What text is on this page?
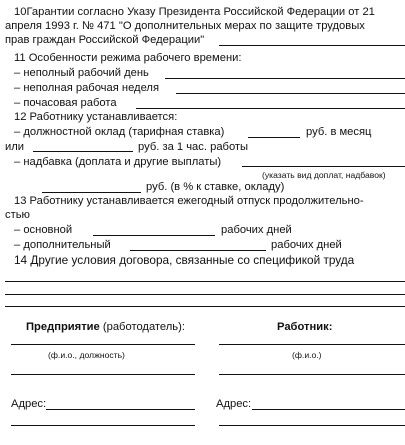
10Гарантии согласно Указу Президента Российской Федерации от 21
апреля 1993 г. № 471 "О дополнительных мерах по защите трудовых
прав граждан Российской Федерации"
11 Особенности режима рабочего времени:
– неполный рабочий день
– неполная рабочая неделя
– почасовая работа
12 Работнику устанавливается:
– должностной оклад (тарифная ставка)	руб. в месяц
или	руб. за 1 час. работы
– надбавка (доплата и другие выплаты)
(указать вид доплат, надбавок)
руб. (в % к ставке, окладу)
13 Работнику устанавливается ежегодный отпуск продолжительно-
стью
– основной	рабочих дней
– дополнительный	рабочих дней
14 Другие условия договора, связанные со спецификой труда
Предприятие (работодатель):	Работник:
(ф.и.о., должность)	(ф.и.о.)
Адрес:	Адрес:
